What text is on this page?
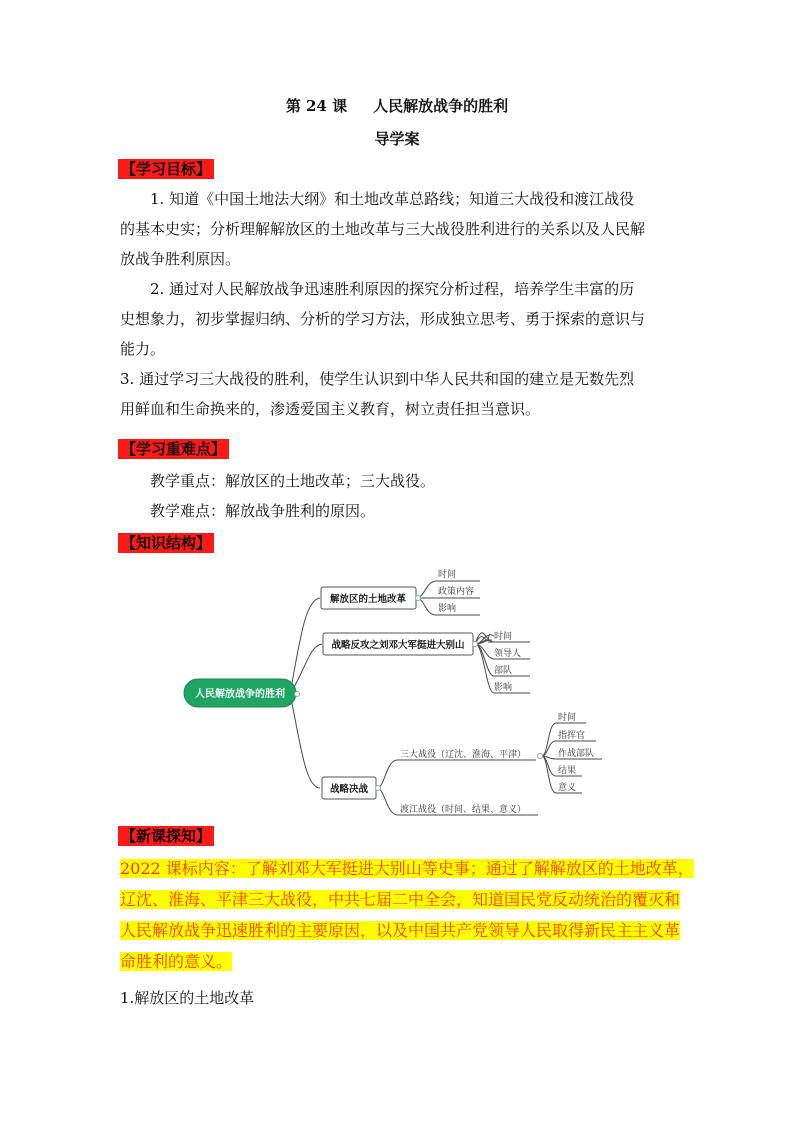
第 24 课 人民解放战争的胜利
导学案
【学习目标】
1. 知道《中国土地法大纲》和土地改革总路线；知道三大战役和渡江战役
的基本史实；分析理解解放区的土地改革与三大战役胜利进行的关系以及人民解
放战争胜利原因。
2. 通过对人民解放战争迅速胜利原因的探究分析过程，培养学生丰富的历
史想象力，初步掌握归纳、分析的学习方法，形成独立思考、勇于探索的意识与
能力。
3. 通过学习三大战役的胜利，使学生认识到中华人民共和国的建立是无数先烈
用鲜血和生命换来的，渗透爱国主义教育，树立责任担当意识。
【学习重难点】
教学重点：解放区的土地改革；三大战役。
教学难点：解放战争胜利的原因。
【知识结构】
人民解放战争的胜利
解放区的土地改革
时间
政策内容
影响
战略反攻之刘邓大军挺进大别山
时间
领导人
部队
影响
战略决战
三大战役（辽沈、淮海、平津）
渡江战役（时间、结果、意义）
时间
指挥官
作战部队
结果
意义
【新课探知】
2022 课标内容：了解刘邓大军挺进大别山等史事；通过了解解放区的土地改革，
辽沈、淮海、平津三大战役，中共七届二中全会，知道国民党反动统治的覆灭和
人民解放战争迅速胜利的主要原因，以及中国共产党领导人民取得新民主主义革
命胜利的意义。
1.解放区的土地改革
